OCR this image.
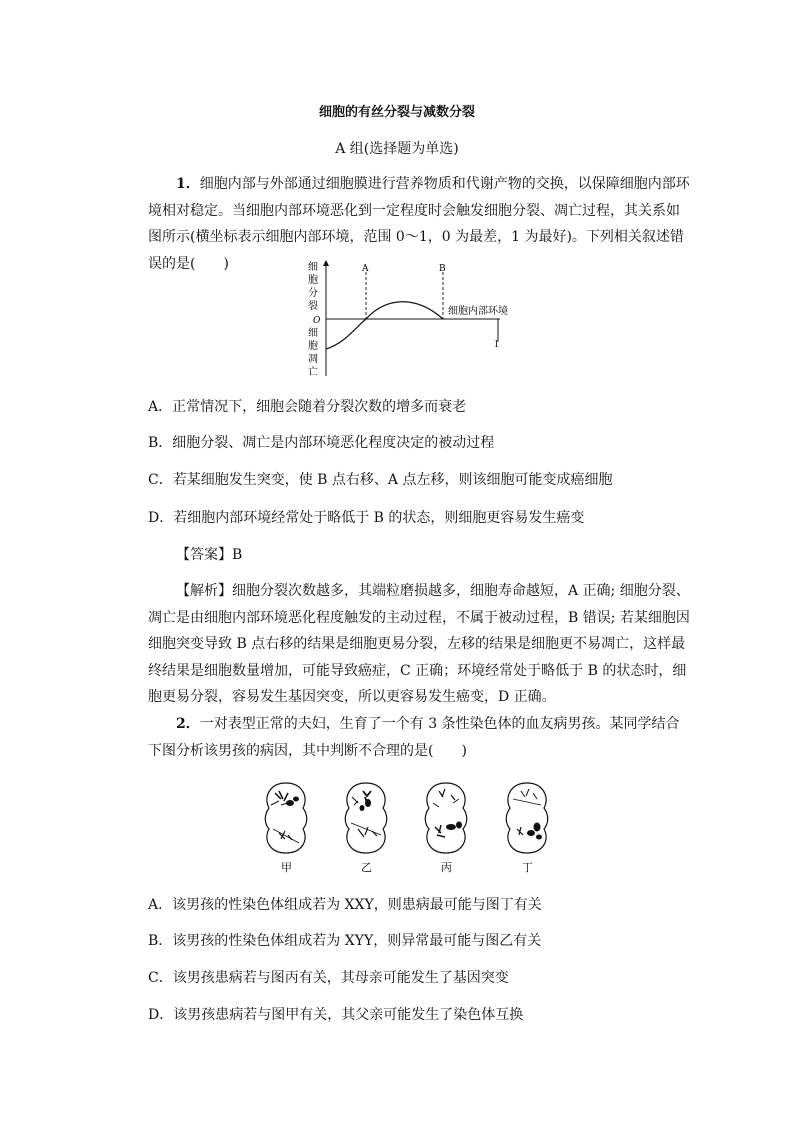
细胞的有丝分裂与减数分裂
A 组(选择题为单选)

1．细胞内部与外部通过细胞膜进行营养物质和代谢产物的交换，以保障细胞内部环境相对稳定。当细胞内部环境恶化到一定程度时会触发细胞分裂、凋亡过程，其关系如图所示(横坐标表示细胞内部环境，范围 0～1，0 为最差，1 为最好)。下列相关叙述错误的是(　　)

l
A	B
O
细胞内部环境
细
胞
分
裂
细
胞
凋
亡
A．正常情况下，细胞会随着分裂次数的增多而衰老
B．细胞分裂、凋亡是内部环境恶化程度决定的被动过程
C．若某细胞发生突变，使 B 点右移、A 点左移，则该细胞可能变成癌细胞
D．若细胞内部环境经常处于略低于 B 的状态，则细胞更容易发生癌变

【答案】B

【解析】细胞分裂次数越多，其端粒磨损越多，细胞寿命越短，A 正确; 细胞分裂、凋亡是由细胞内部环境恶化程度触发的主动过程，不属于被动过程，B 错误; 若某细胞因细胞突变导致 B 点右移的结果是细胞更易分裂，左移的结果是细胞更不易凋亡，这样最终结果是细胞数量增加，可能导致癌症，C 正确；环境经常处于略低于 B 的状态时，细胞更易分裂，容易发生基因突变，所以更容易发生癌变，D 正确。

2．一对表型正常的夫妇，生育了一个有 3 条性染色体的血友病男孩。某同学结合下图分析该男孩的病因，其中判断不合理的是(　　)

甲	乙	丙	丁
A．该男孩的性染色体组成若为 XXY，则患病最可能与图丁有关
B．该男孩的性染色体组成若为 XYY，则异常最可能与图乙有关
C．该男孩患病若与图丙有关，其母亲可能发生了基因突变
D．该男孩患病若与图甲有关，其父亲可能发生了染色体互换
